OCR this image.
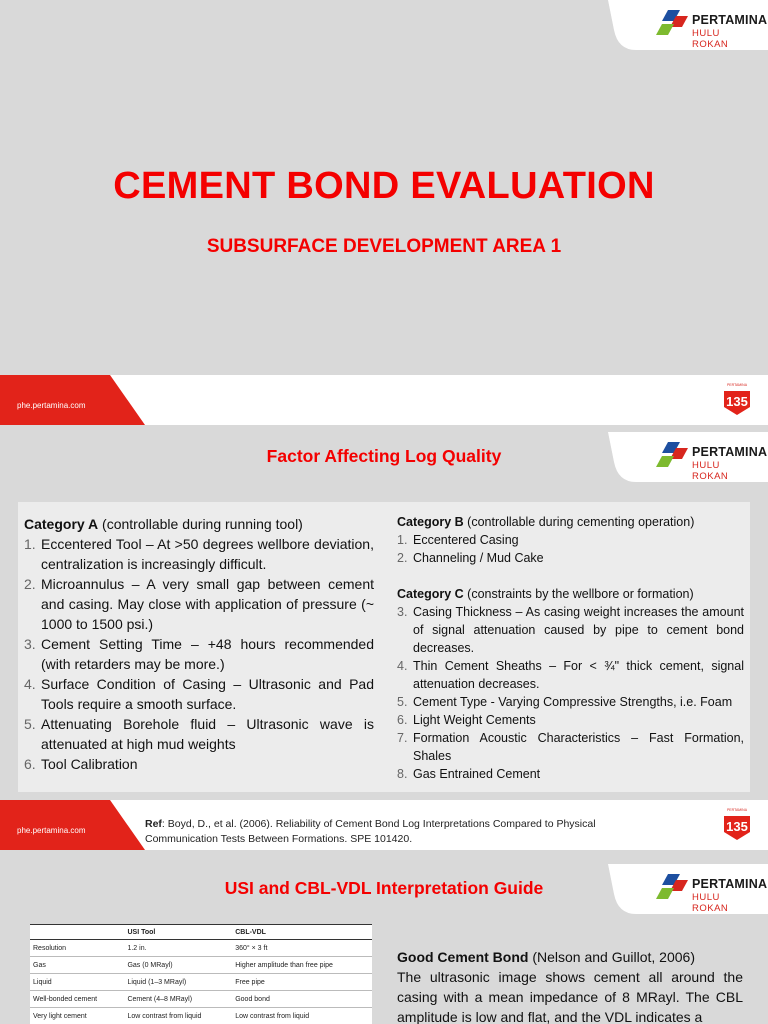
PERTAMINA
HULU ROKAN
CEMENT BOND EVALUATION
SUBSURFACE DEVELOPMENT AREA 1
phe.pertamina.com
PERTAMINA
135
PERTAMINA
HULU ROKAN
Factor Affecting Log Quality

Category A (controllable during running tool)

1. Eccentered Tool – At >50 degrees wellbore deviation, centralization is increasingly difficult.
2. Microannulus – A very small gap between cement and casing. May close with application of pressure (~ 1000 to 1500 psi.)
3. Cement Setting Time – +48 hours recommended (with retarders may be more.)
4. Surface Condition of Casing – Ultrasonic and Pad Tools require a smooth surface.
5. Attenuating Borehole fluid – Ultrasonic wave is attenuated at high mud weights
6. Tool Calibration

Category B (controllable during cementing operation)

1. Eccentered Casing
2. Channeling / Mud Cake

Category C (constraints by the wellbore or formation)

3. Casing Thickness – As casing weight increases the amount of signal attenuation caused by pipe to cement bond decreases.
4. Thin Cement Sheaths – For < ¾" thick cement, signal attenuation decreases.
5. Cement Type - Varying Compressive Strengths, i.e. Foam
6. Light Weight Cements
7. Formation Acoustic Characteristics – Fast Formation, Shales
8. Gas Entrained Cement
phe.pertamina.com
PERTAMINA
135

Ref: Boyd, D., et al. (2006). Reliability of Cement Bond Log Interpretations Compared to Physical Communication Tests Between Formations. SPE 101420.

PERTAMINA
HULU ROKAN
USI and CBL-VDL Interpretation Guide
	USI Tool	CBL-VDL
Resolution	1.2 in.	360° × 3 ft
Gas	Gas (0 MRayl)	Higher amplitude than free pipe
Liquid	Liquid (1–3 MRayl)	Free pipe
Well-bonded cement	Cement (4–8 MRayl)	Good bond
Very light cement	Low contrast from liquid	Low contrast from liquid

Good Cement Bond (Nelson and Guillot, 2006)

The ultrasonic image shows cement all around the casing with a mean impedance of 8 MRayl. The CBL amplitude is low and flat, and the VDL indicates a
